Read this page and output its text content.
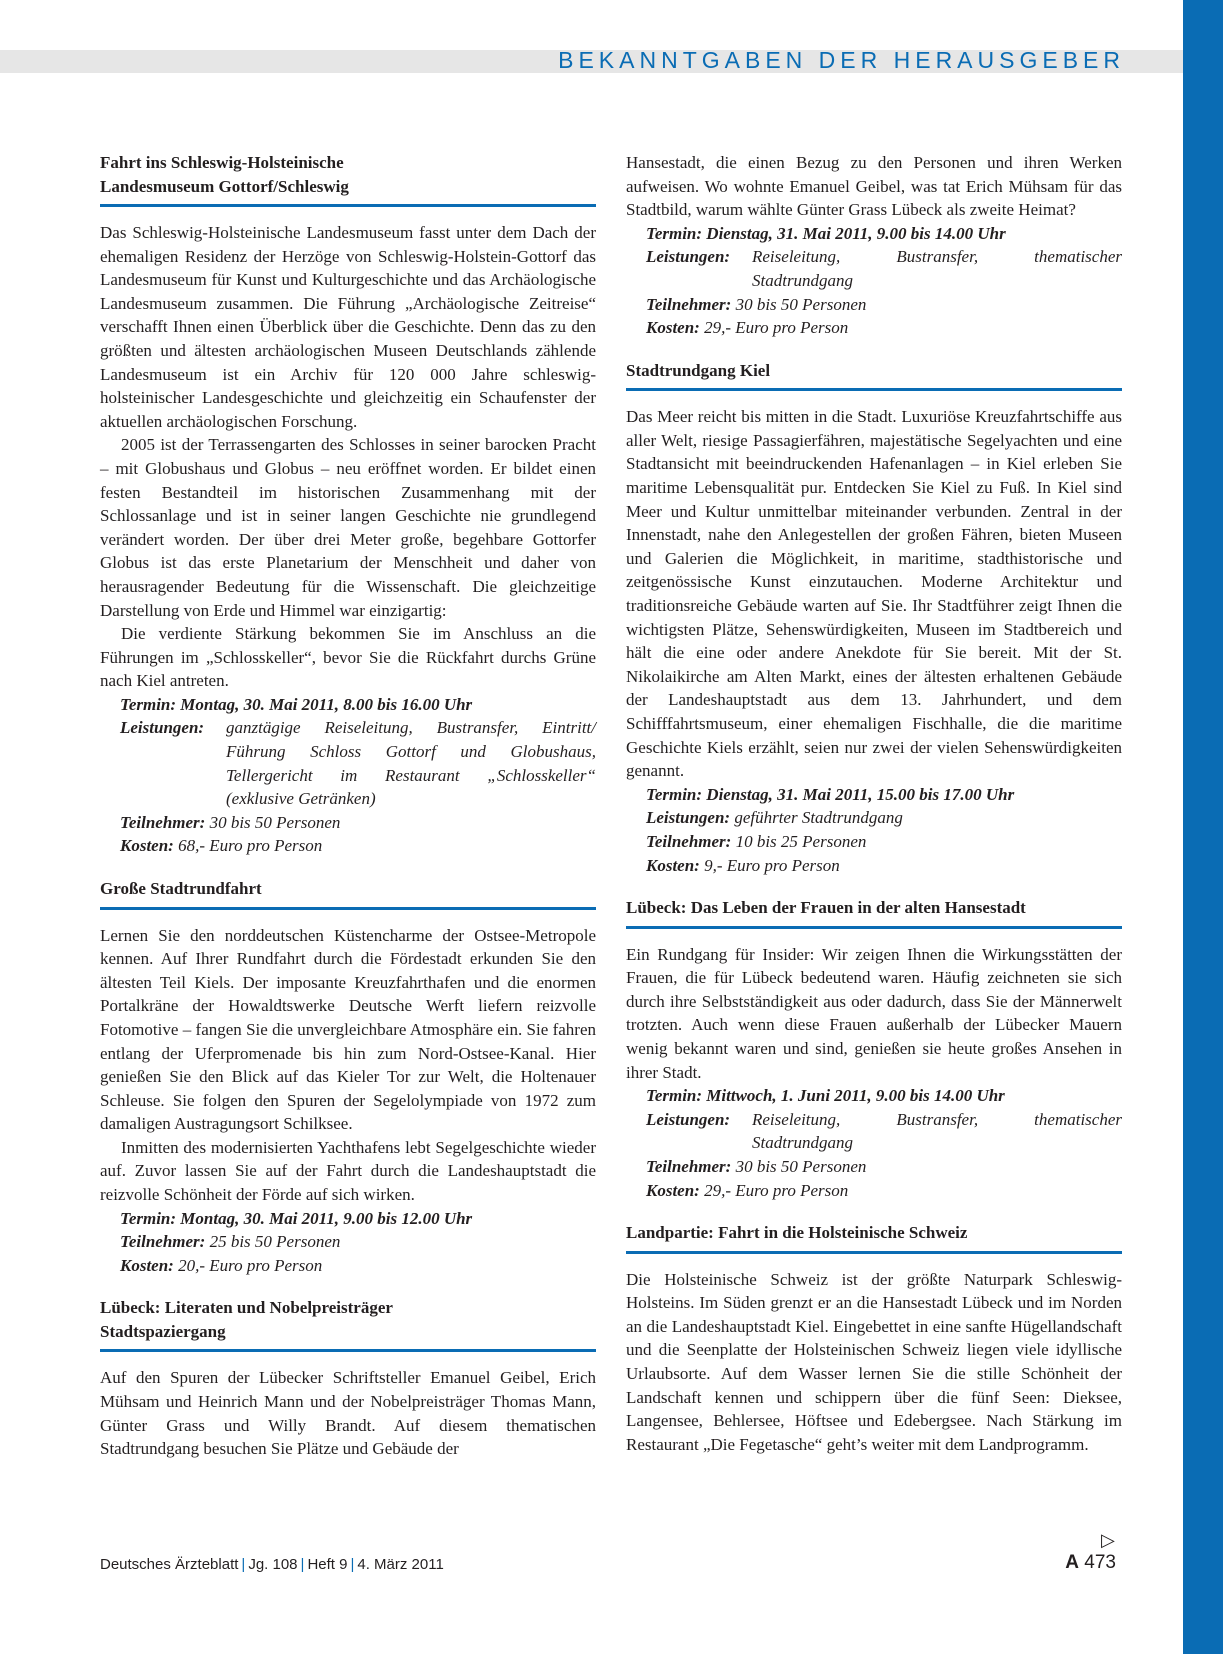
BEKANNTGABEN DER HERAUSGEBER
Fahrt ins Schleswig-Holsteinische
Landesmuseum Gottorf/Schleswig

Das Schleswig-Holsteinische Landesmuseum fasst unter dem Dach der ehemaligen Residenz der Herzöge von Schleswig-Holstein-Gottorf das Landesmuseum für Kunst und Kulturgeschichte und das Archäologische Landesmuseum zusammen. Die Führung „Archäologische Zeitreise“ verschafft Ihnen einen Überblick über die Geschichte. Denn das zu den größten und ältesten archäologischen Museen Deutschlands zählende Landesmuseum ist ein Archiv für 120 000 Jahre schleswig-holsteinischer Landesgeschichte und gleichzeitig ein Schaufenster der aktuellen archäologischen Forschung.

2005 ist der Terrassengarten des Schlosses in seiner barocken Pracht – mit Globushaus und Globus – neu eröffnet worden. Er bildet einen festen Bestandteil im historischen Zusammenhang mit der Schlossanlage und ist in seiner langen Geschichte nie grundlegend verändert worden. Der über drei Meter große, begehbare Gottorfer Globus ist das erste Planetarium der Menschheit und daher von herausragender Bedeutung für die Wissenschaft. Die gleichzeitige Darstellung von Erde und Himmel war einzigartig:

Die verdiente Stärkung bekommen Sie im Anschluss an die Führungen im „Schlosskeller“, bevor Sie die Rückfahrt durchs Grüne nach Kiel antreten.

Termin: Montag, 30. Mai 2011, 8.00 bis 16.00 Uhr
Leistungen:	ganztägige Reiseleitung, Bustransfer, Eintritt/ Führung Schloss Gottorf und Globushaus, Tellergericht im Restaurant „Schlosskeller“ (exklusive Getränken)
Teilnehmer:
30 bis 50 Personen
Kosten:
68,- Euro pro Person
Große Stadtrundfahrt

Lernen Sie den norddeutschen Küstencharme der Ostsee-Metropole kennen. Auf Ihrer Rundfahrt durch die Fördestadt erkunden Sie den ältesten Teil Kiels. Der imposante Kreuzfahrthafen und die enormen Portalkräne der Howaldtswerke Deutsche Werft liefern reizvolle Fotomotive – fangen Sie die unvergleichbare Atmosphäre ein. Sie fahren entlang der Uferpromenade bis hin zum Nord-Ostsee-Kanal. Hier genießen Sie den Blick auf das Kieler Tor zur Welt, die Holtenauer Schleuse. Sie folgen den Spuren der Segelolympiade von 1972 zum damaligen Austragungsort Schilksee.

Inmitten des modernisierten Yachthafens lebt Segelgeschichte wieder auf. Zuvor lassen Sie auf der Fahrt durch die Landeshauptstadt die reizvolle Schönheit der Förde auf sich wirken.

Termin: Montag, 30. Mai 2011, 9.00 bis 12.00 Uhr
Teilnehmer:
25 bis 50 Personen
Kosten:
20,- Euro pro Person
Lübeck: Literaten und Nobelpreisträger
Stadtspaziergang

Auf den Spuren der Lübecker Schriftsteller Emanuel Geibel, Erich Mühsam und Heinrich Mann und der Nobelpreisträger Thomas Mann, Günter Grass und Willy Brandt. Auf diesem thematischen Stadtrundgang besuchen Sie Plätze und Gebäude der

Hansestadt, die einen Bezug zu den Personen und ihren Werken aufweisen. Wo wohnte Emanuel Geibel, was tat Erich Mühsam für das Stadtbild, warum wählte Günter Grass Lübeck als zweite Heimat?

Termin: Dienstag, 31. Mai 2011, 9.00 bis 14.00 Uhr
Leistungen:	Reiseleitung, Bustransfer, thematischer Stadtrundgang
Teilnehmer:
30 bis 50 Personen
Kosten:
29,- Euro pro Person
Stadtrundgang Kiel

Das Meer reicht bis mitten in die Stadt. Luxuriöse Kreuzfahrtschiffe aus aller Welt, riesige Passagierfähren, majestätische Segelyachten und eine Stadtansicht mit beeindruckenden Hafenanlagen – in Kiel erleben Sie maritime Lebensqualität pur. Entdecken Sie Kiel zu Fuß. In Kiel sind Meer und Kultur unmittelbar miteinander verbunden. Zentral in der Innenstadt, nahe den Anlegestellen der großen Fähren, bieten Museen und Galerien die Möglichkeit, in maritime, stadthistorische und zeitgenössische Kunst einzutauchen. Moderne Architektur und traditionsreiche Gebäude warten auf Sie. Ihr Stadtführer zeigt Ihnen die wichtigsten Plätze, Sehenswürdigkeiten, Museen im Stadtbereich und hält die eine oder andere Anekdote für Sie bereit. Mit der St. Nikolaikirche am Alten Markt, eines der ältesten erhaltenen Gebäude der Landeshauptstadt aus dem 13. Jahrhundert, und dem Schifffahrtsmuseum, einer ehemaligen Fischhalle, die die maritime Geschichte Kiels erzählt, seien nur zwei der vielen Sehenswürdigkeiten genannt.

Termin: Dienstag, 31. Mai 2011, 15.00 bis 17.00 Uhr
Leistungen:
geführter Stadtrundgang
Teilnehmer:
10 bis 25 Personen
Kosten:
9,- Euro pro Person
Lübeck: Das Leben der Frauen in der alten Hansestadt

Ein Rundgang für Insider: Wir zeigen Ihnen die Wirkungsstätten der Frauen, die für Lübeck bedeutend waren. Häufig zeichneten sie sich durch ihre Selbstständigkeit aus oder dadurch, dass Sie der Männerwelt trotzten. Auch wenn diese Frauen außerhalb der Lübecker Mauern wenig bekannt waren und sind, genießen sie heute großes Ansehen in ihrer Stadt.

Termin: Mittwoch, 1. Juni 2011, 9.00 bis 14.00 Uhr
Leistungen:	Reiseleitung, Bustransfer, thematischer Stadtrundgang
Teilnehmer:
30 bis 50 Personen
Kosten:
29,- Euro pro Person
Landpartie: Fahrt in die Holsteinische Schweiz

Die Holsteinische Schweiz ist der größte Naturpark Schleswig-Holsteins. Im Süden grenzt er an die Hansestadt Lübeck und im Norden an die Landeshauptstadt Kiel. Eingebettet in eine sanfte Hügellandschaft und die Seenplatte der Holsteinischen Schweiz liegen viele idyllische Urlaubsorte. Auf dem Wasser lernen Sie die stille Schönheit der Landschaft kennen und schippern über die fünf Seen: Dieksee, Langensee, Behlersee, Höftsee und Edebergsee. Nach Stärkung im Restaurant „Die Fegetasche“ geht’s weiter mit dem Landprogramm.

▷
Deutsches Ärzteblatt | Jg. 108 | Heft 9 | 4. März 2011	A 473
